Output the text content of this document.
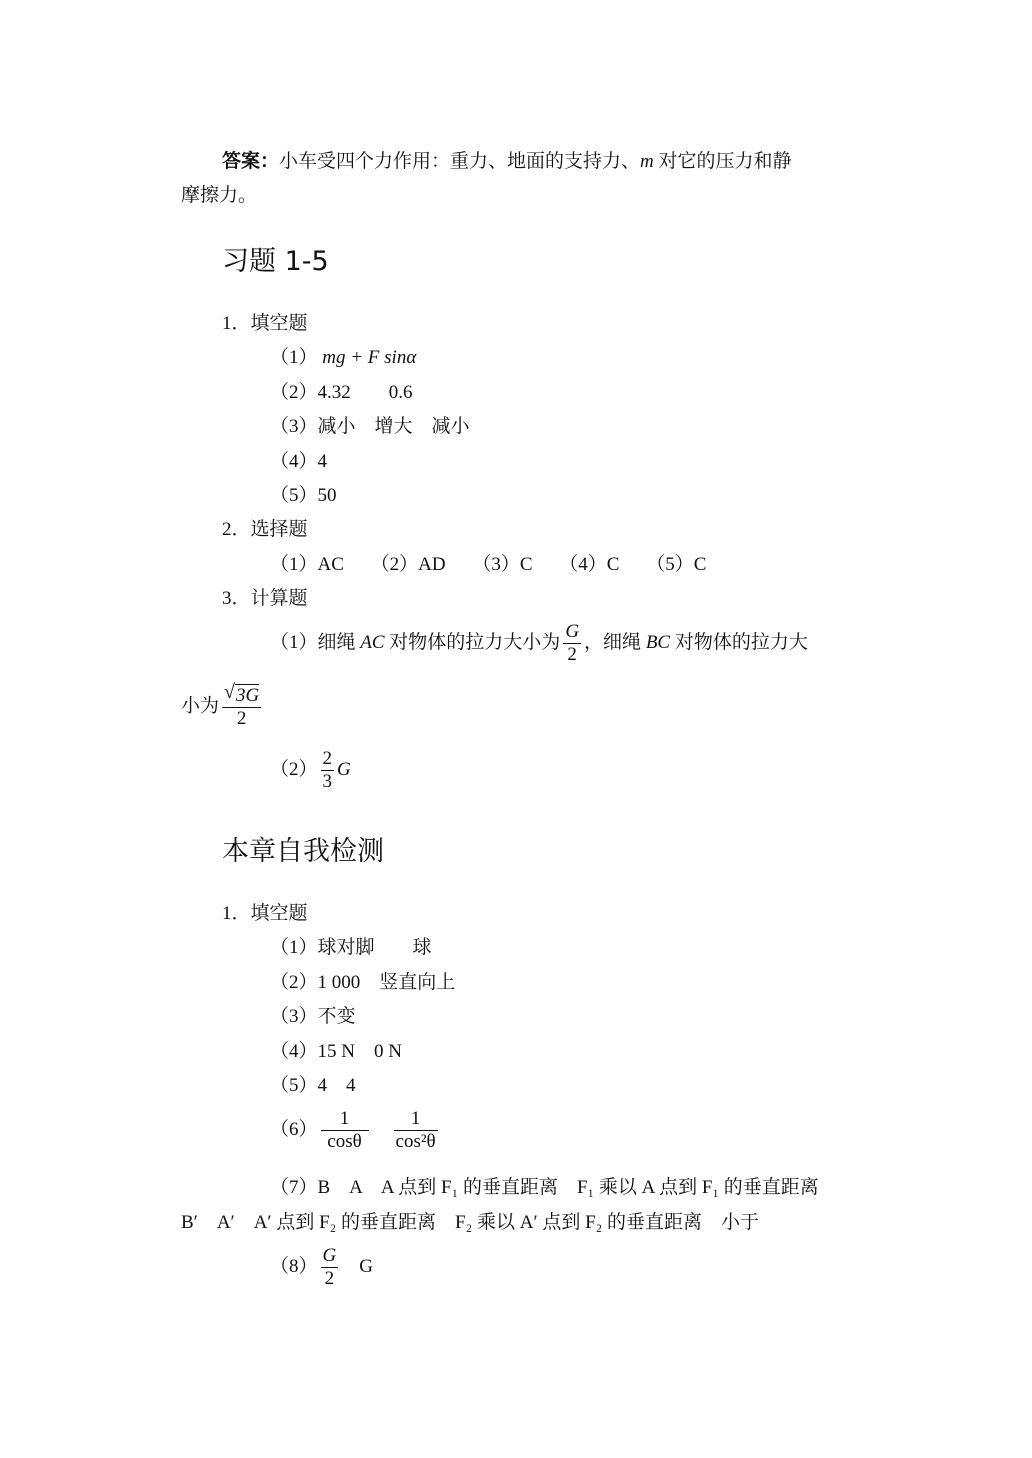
答案：小车受四个力作用：重力、地面的支持力、m 对它的压力和静
摩擦力。
习题 1-5
1．填空题
（1） mg + F sinα
（2）4.32　　0.6
（3）减小　增大　减小
（4）4
（5）50
2．选择题
（1）AC （2）AD （3）C （4）C （5）C
3．计算题
（1）细绳 AC 对物体的拉力大小为 $\frac{G}{2}$ ，细绳 BC 对物体的拉力大
小为 $\frac{√ 3G}{2}$
$(2) \frac{2}{3}$ G
本章自我检测
1．填空题
（1）球对脚　　球
（2）1 000　竖直向上
（3）不变
（4）15 N　0 N
（5）4　4
$(6) \frac{1}{\cos\theta} \frac{1}{\text{cos²θ}}$
（7）B　A　A 点到 F₁ 的垂直距离　F₁ 乘以 A 点到 F₁ 的垂直距离
B′　A′　A′ 点到 F₂ 的垂直距离　F₂ 乘以 A′ 点到 F₂ 的垂直距离　小于
$(8) \frac{G}{2}$ G
